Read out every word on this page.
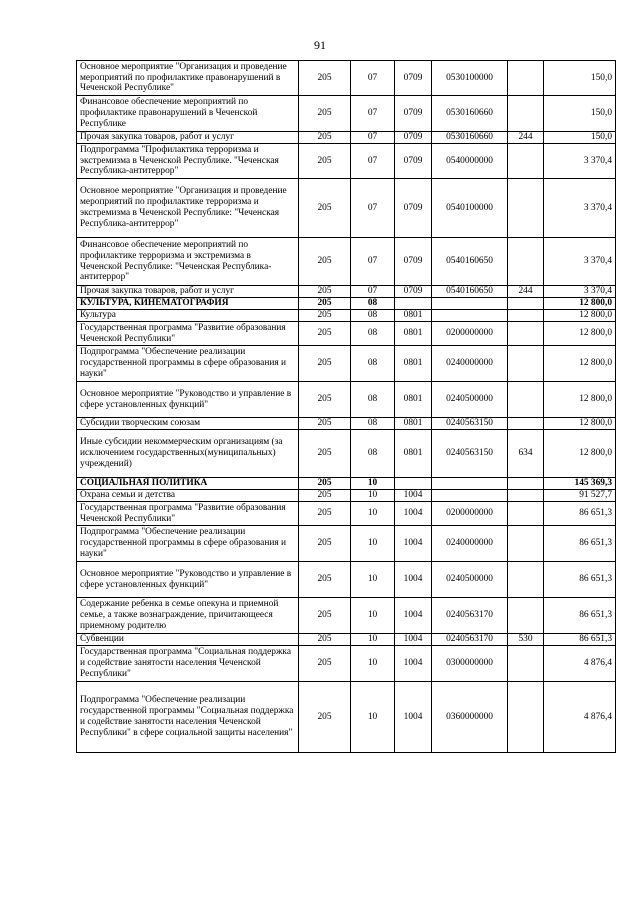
91
Основное мероприятие "Организация и проведение мероприятий по профилактике правонарушений в Чеченской Республике"	205	07	0709	0530100000		150,0
Финансовое обеспечение мероприятий по профилактике правонарушений в Чеченской Республике	205	07	0709	0530160660		150,0
Прочая закупка товаров, работ и услуг	205	07	0709	0530160660	244	150,0
Подпрограмма "Профилактика терроризма и экстремизма в Чеченской Республике. "Чеченская Республика-антитеррор"	205	07	0709	0540000000		3 370,4
Основное мероприятие "Организация и проведение мероприятий по профилактике терроризма и экстремизма в Чеченской Республике: "Чеченская Республика-антитеррор"	205	07	0709	0540100000		3 370,4
Финансовое обеспечение мероприятий по профилактике терроризма и экстремизма в Чеченской Республике: "Чеченская Республика-антитеррор"	205	07	0709	0540160650		3 370,4
Прочая закупка товаров, работ и услуг	205	07	0709	0540160650	244	3 370,4
КУЛЬТУРА, КИНЕМАТОГРАФИЯ	205	08				12 800,0
Культура	205	08	0801			12 800,0
Государственная программа "Развитие образования Чеченской Республики"	205	08	0801	0200000000		12 800,0
Подпрограмма "Обеспечение реализации государственной программы в сфере образования и науки"	205	08	0801	0240000000		12 800,0
Основное мероприятие "Руководство и управление в сфере установленных функций"	205	08	0801	0240500000		12 800,0
Субсидии творческим союзам	205	08	0801	0240563150		12 800,0
Иные субсидии некоммерческим организациям (за исключением государственных(муниципальных) учреждений)	205	08	0801	0240563150	634	12 800,0
СОЦИАЛЬНАЯ ПОЛИТИКА	205	10				145 369,3
Охрана семьи и детства	205	10	1004			91 527,7
Государственная программа "Развитие образования Чеченской Республики"	205	10	1004	0200000000		86 651,3
Подпрограмма "Обеспечение реализации государственной программы в сфере образования и науки"	205	10	1004	0240000000		86 651,3
Основное мероприятие "Руководство и управление в сфере установленных функций"	205	10	1004	0240500000		86 651,3
Содержание ребенка в семье опекуна и приемной семье, а также вознаграждение, причитающееся приемному родителю	205	10	1004	0240563170		86 651,3
Субвенции	205	10	1004	0240563170	530	86 651,3
Государственная программа "Социальная поддержка и содействие занятости населения Чеченской Республики"	205	10	1004	0300000000		4 876,4
Подпрограмма "Обеспечение реализации государственной программы "Социальная поддержка и содействие занятости населения Чеченской Республики" в сфере социальной защиты населения"	205	10	1004	0360000000		4 876,4
